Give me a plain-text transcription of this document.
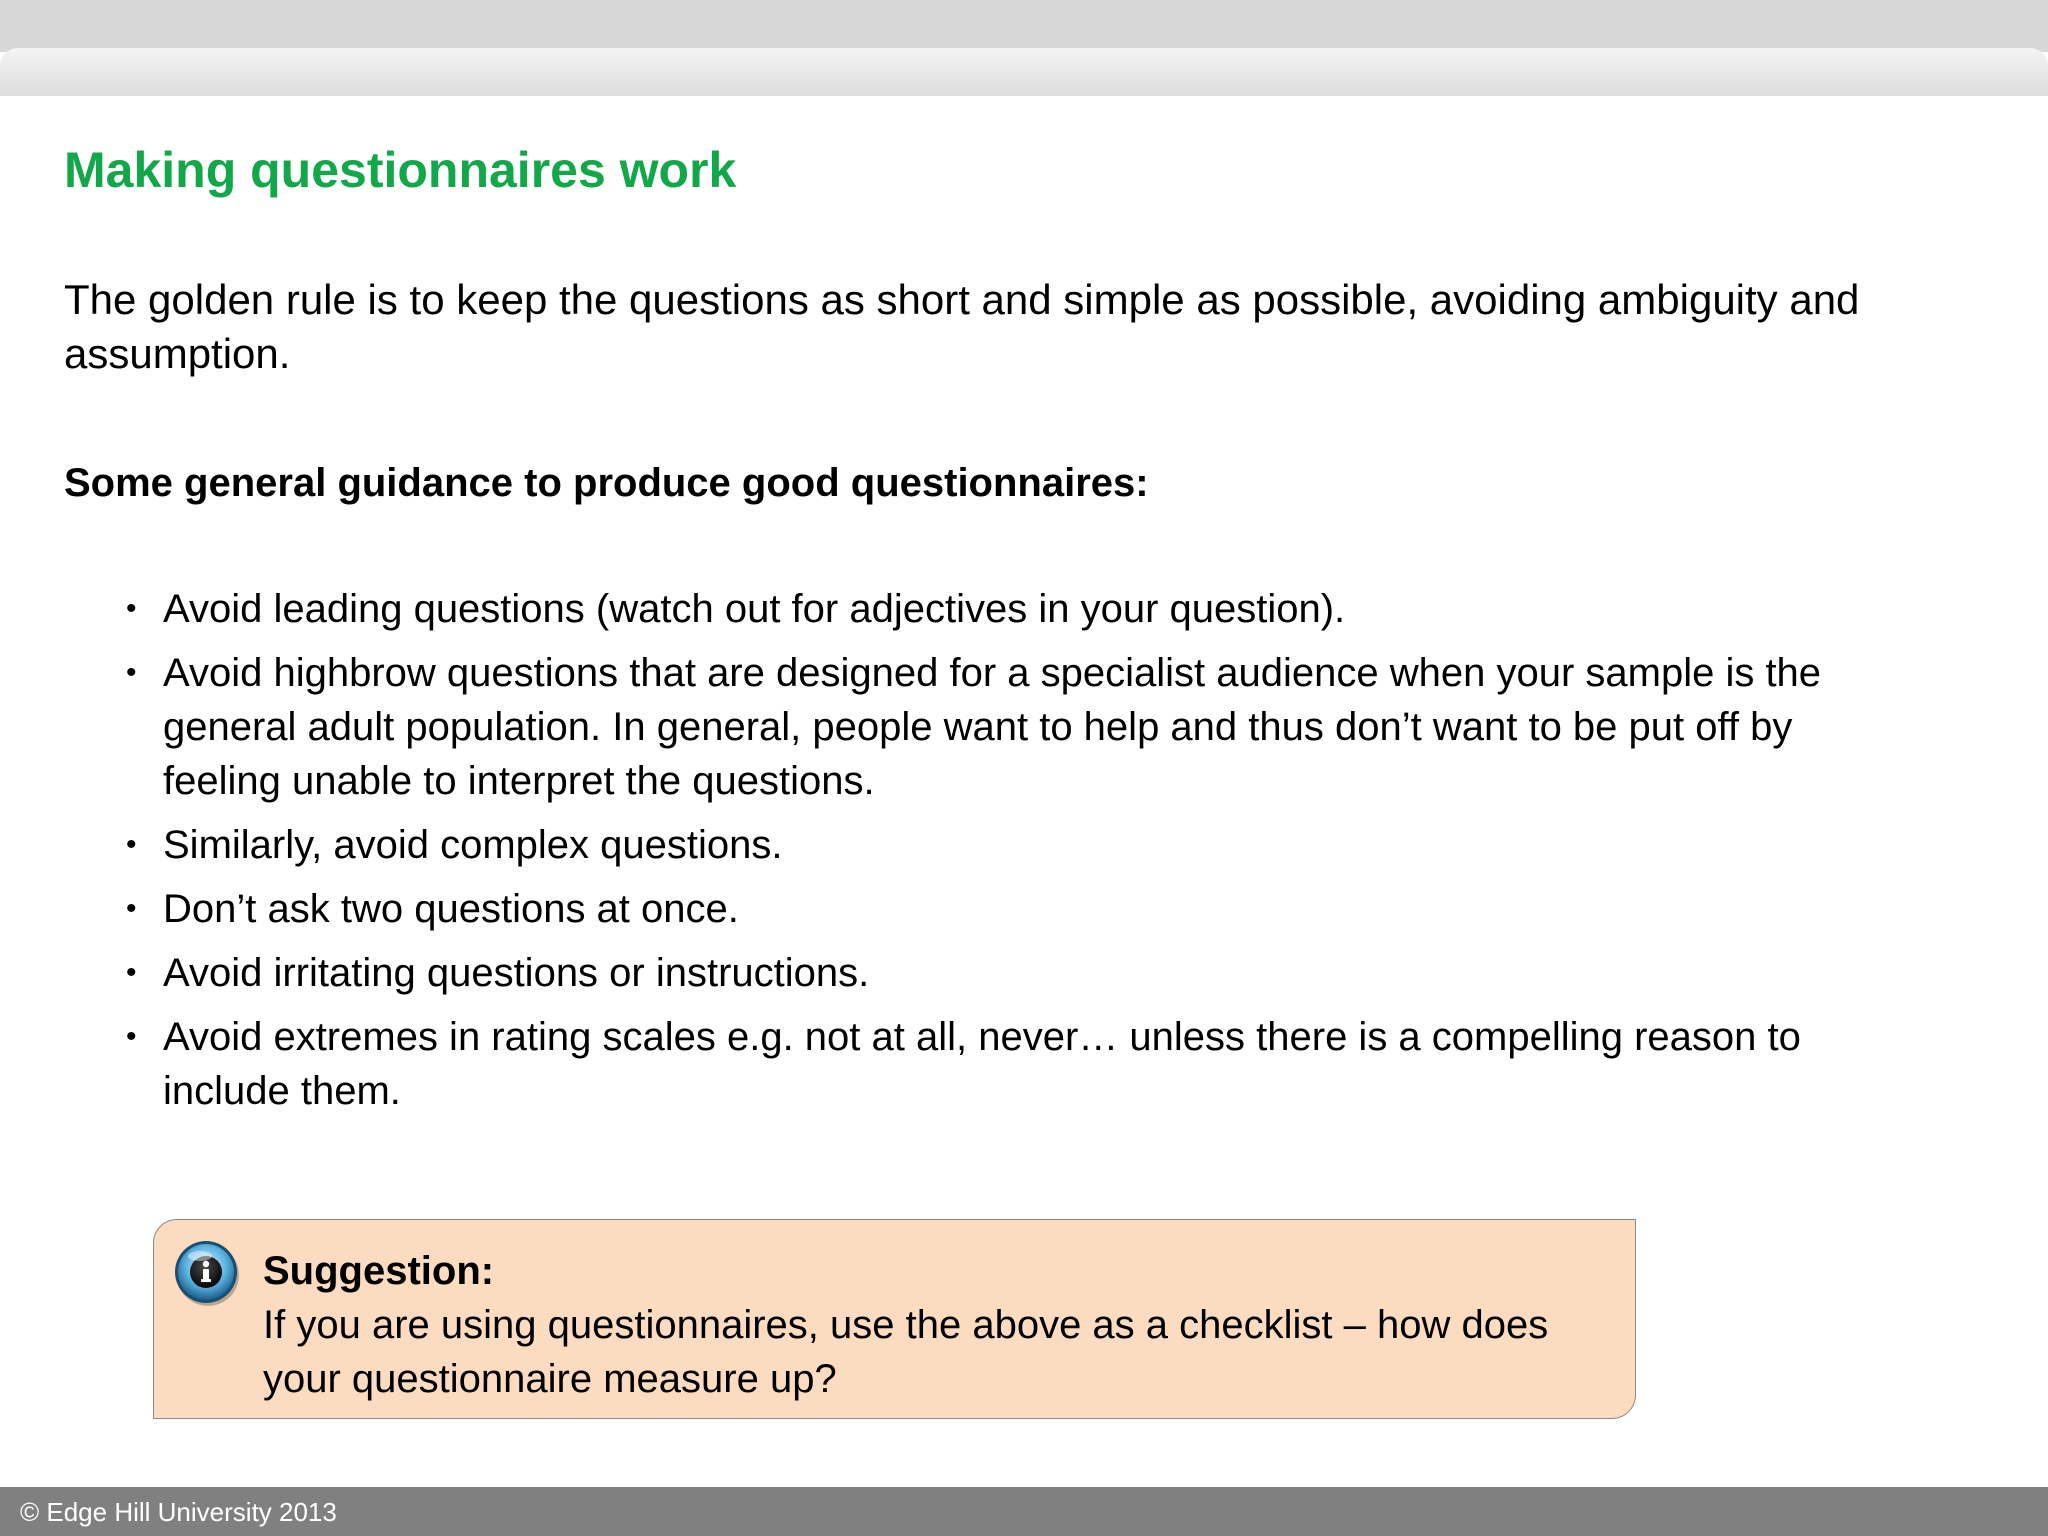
Making questionnaires work

The golden rule is to keep the questions as short and simple as possible, avoiding ambiguity and assumption.

Some general guidance to produce good questionnaires:

• Avoid leading questions (watch out for adjectives in your question).
• Avoid highbrow questions that are designed for a specialist audience when your sample is the general adult population. In general, people want to help and thus don’t want to be put off by feeling unable to interpret the questions.
• Similarly, avoid complex questions.
• Don’t ask two questions at once.
• Avoid irritating questions or instructions.
• Avoid extremes in rating scales e.g. not at all, never… unless there is a compelling reason to include them.
Suggestion:
If you are using questionnaires, use the above as a checklist – how does your questionnaire measure up?
© Edge Hill University 2013
